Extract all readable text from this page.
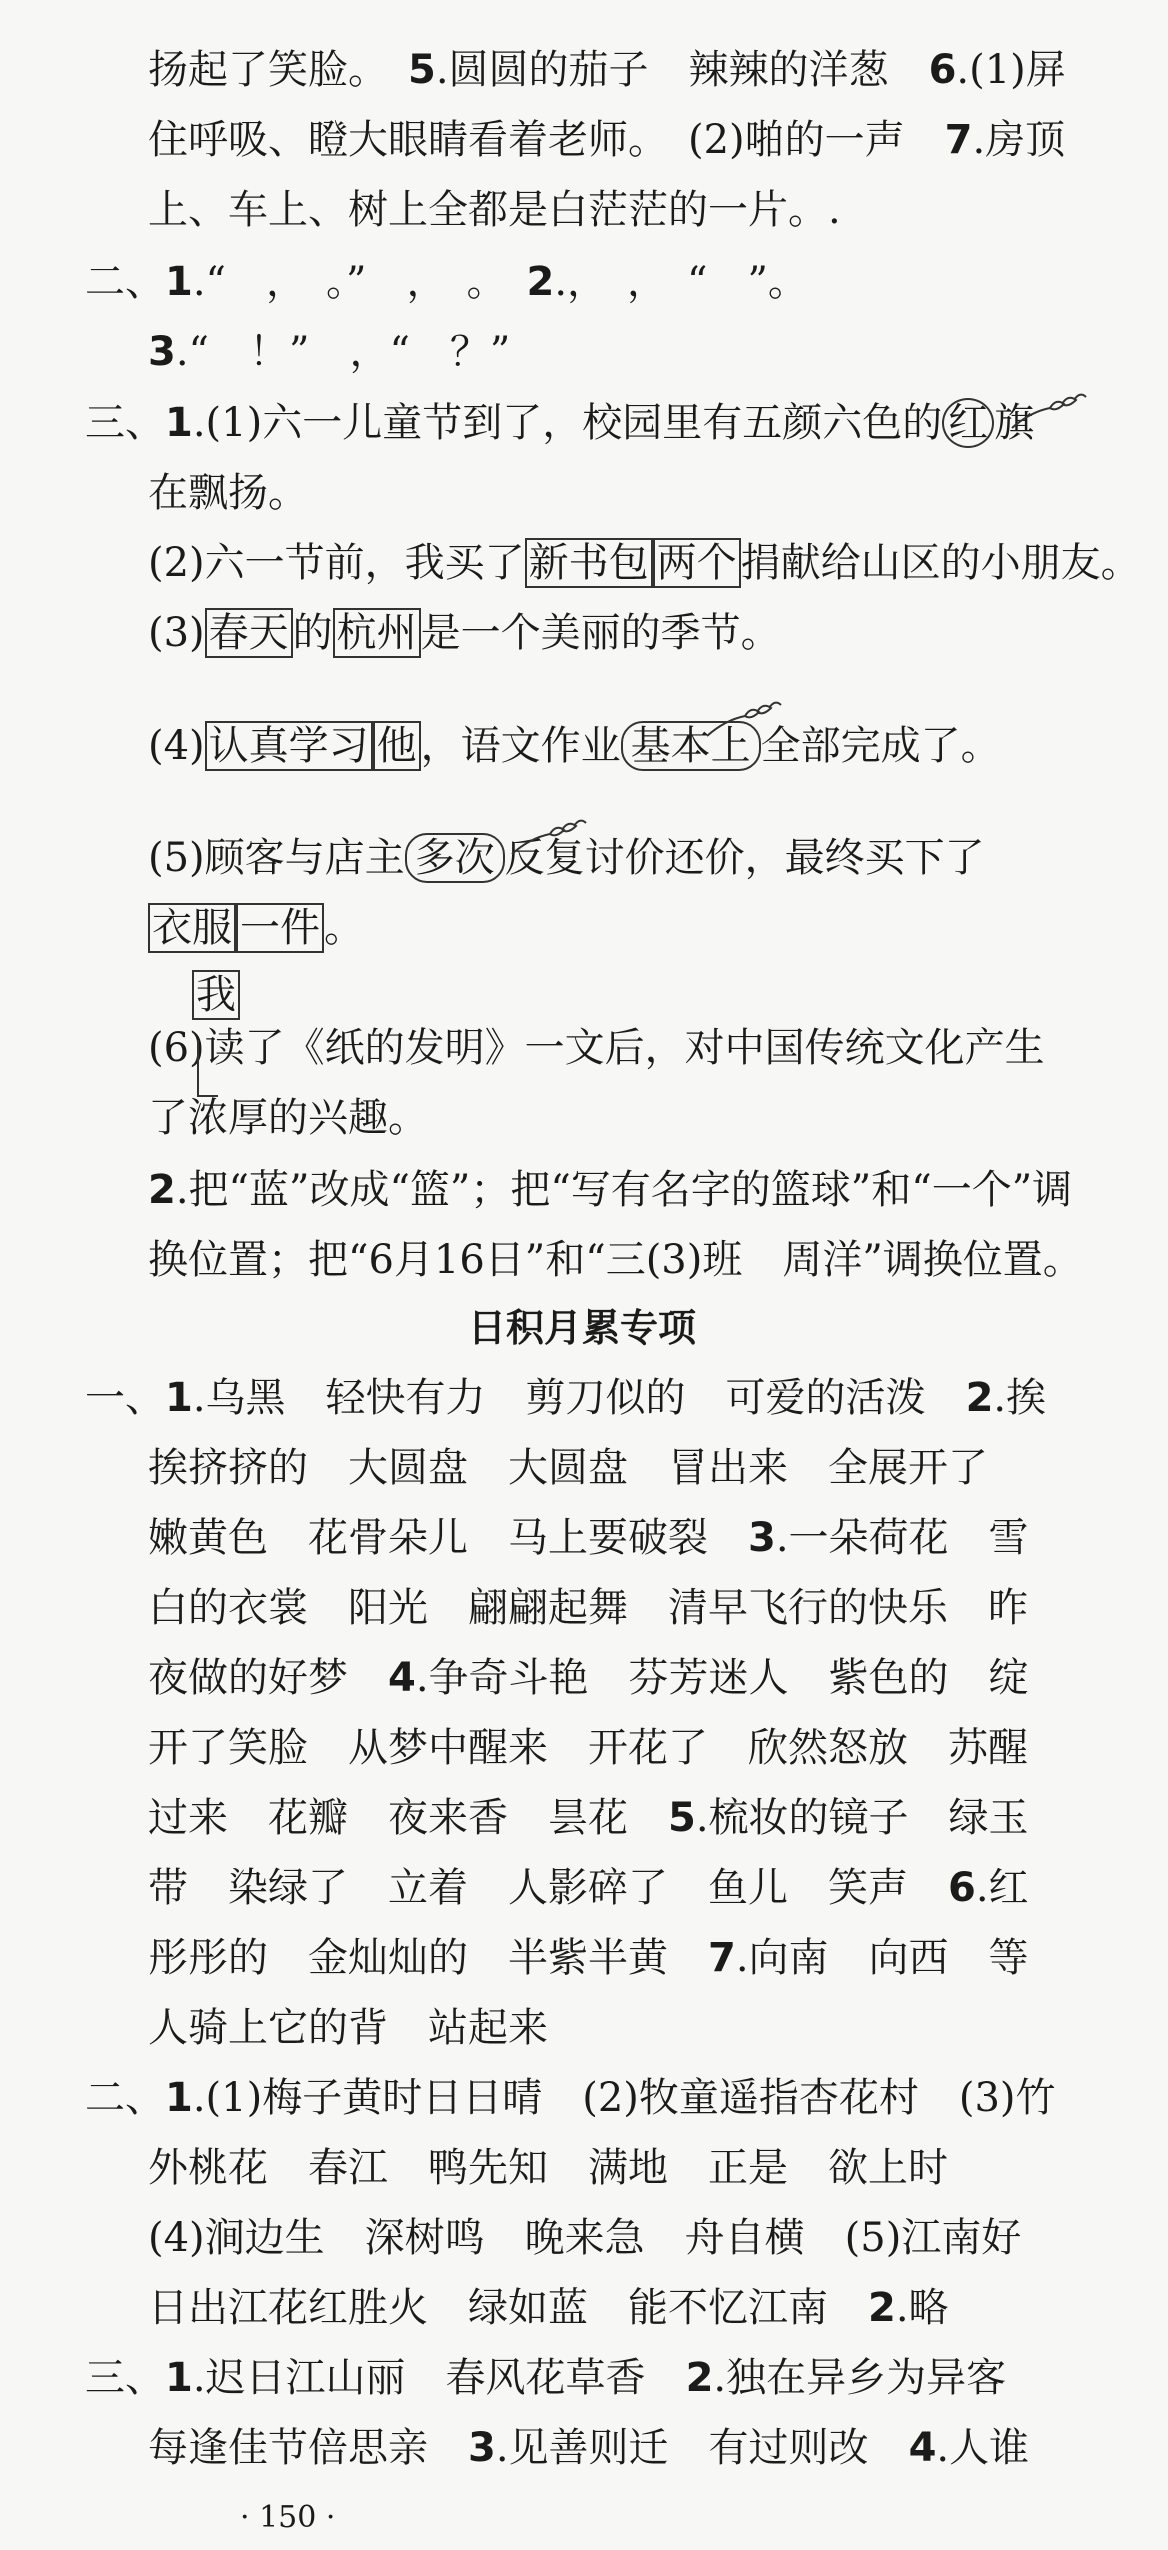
扬起了笑脸。　5.圆圆的茄子　辣辣的洋葱　6.(1)屏
住呼吸、瞪大眼睛看着老师。　(2)啪的一声　7.房顶
上、车上、树上全都是白茫茫的一片。.
二、1.“　，　。”　，　。　2.，　，　“　”。
3.“　！”　，“　？”
三、1.(1)六一儿童节到了，校园里有五颜六色的 红 旗
在飘扬。
(2)六一节前，我买了 新书包 两个 捐献给山区的小朋友。
(3) 春天 的 杭州 是一个美丽的季节。
(4) 认真学习 他 ，语文作业 基本上 全部完成了。
(5)顾客与店主 多次 反复讨价还价，最终买下了
衣服 一件 。
我
(6)读了《纸的发明》一文后，对中国传统文化产生
了浓厚的兴趣。
2.把“蓝”改成“篮”；把“写有名字的篮球”和“一个”调
换位置；把“6月16日”和“三(3)班　周洋”调换位置。
日积月累专项
一、1.乌黑　轻快有力　剪刀似的　可爱的活泼　2.挨
挨挤挤的　大圆盘　大圆盘　冒出来　全展开了
嫩黄色　花骨朵儿　马上要破裂　3.一朵荷花　雪
白的衣裳　阳光　翩翩起舞　清早飞行的快乐　昨
夜做的好梦　4.争奇斗艳　芬芳迷人　紫色的　绽
开了笑脸　从梦中醒来　开花了　欣然怒放　苏醒
过来　花瓣　夜来香　昙花　5.梳妆的镜子　绿玉
带　染绿了　立着　人影碎了　鱼儿　笑声　6.红
彤彤的　金灿灿的　半紫半黄　7.向南　向西　等
人骑上它的背　站起来
二、1.(1)梅子黄时日日晴　(2)牧童遥指杏花村　(3)竹
外桃花　春江　鸭先知　满地　正是　欲上时
(4)涧边生　深树鸣　晚来急　舟自横　(5)江南好
日出江花红胜火　绿如蓝　能不忆江南　2.略
三、1.迟日江山丽　春风花草香　2.独在异乡为异客
每逢佳节倍思亲　3.见善则迁　有过则改　4.人谁
· 150 ·
